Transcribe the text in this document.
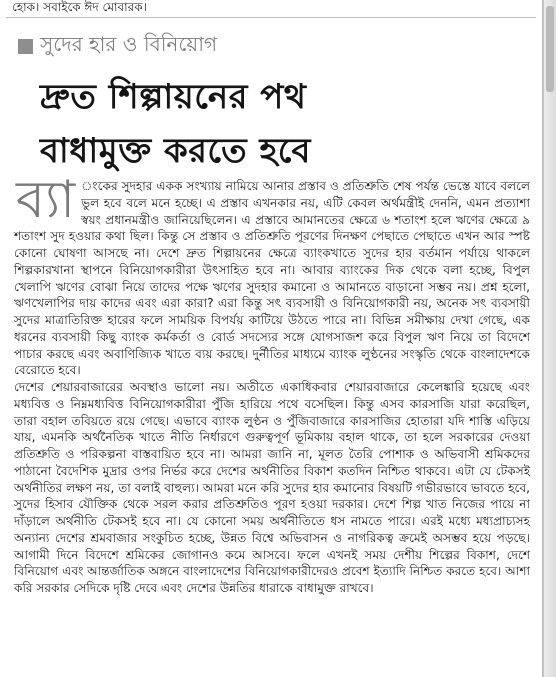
হোক। সবাইকে ঈদ মোবারক।
সুদের হার ও বিনিয়োগ
দ্রুত শিল্পায়নের পথ
বাধামুক্ত করতে হবে
ব্যা ংকের সুদহার একক সংখ্যায় নামিয়ে আনার প্রস্তাব ও প্রতিশ্রুতি শেষ পর্যন্ত ভেস্তে যাবে বললে ভুল হবে বলে মনে হচ্ছে। এ প্রস্তাব এখনকার নয়, এটি কেবল অর্থমন্ত্রীই দেননি, এমন প্রত্যাশা স্বয়ং প্রধানমন্ত্রীও জানিয়েছিলেন। এ প্রস্তাবে আমানতের ক্ষেত্রে ৬ শতাংশ হলে ঋণের ক্ষেত্রে ৯ শতাংশ সুদ হওয়ার কথা ছিল। কিন্তু সে প্রস্তাব ও প্রতিশ্রুতি পূরণের দিনক্ষণ পেছাতে পেছাতে এখন আর স্পষ্ট কোনো ঘোষণা আসছে না। দেশে দ্রুত শিল্পায়নের ক্ষেত্রে ব্যাংকখাতে সুদের হার বর্তমান পর্যায়ে থাকলে শিল্পকারখানা স্থাপনে বিনিয়োগকারীরা উৎসাহিত হবে না। আবার ব্যাংকের দিক থেকে বলা হচ্ছে, বিপুল খেলাপি ঋণের বোঝা নিয়ে তাদের পক্ষে ঋণের সুদহার কমানো ও আমানতে বাড়ানো সম্ভব নয়। প্রশ্ন হলো, ঋণখেলাপির দায় কাদের এবং এরা কারা? এরা কিন্তু সৎ ব্যবসায়ী ও বিনিয়োগকারী নয়, অনেক সৎ ব্যবসায়ী সুদের মাত্রাতিরিক্ত হারের ফলে সাময়িক বিপর্যয় কাটিয়ে উঠতে পারে না। বিভিন্ন সমীক্ষায় দেখা গেছে, এক ধরনের ব্যবসায়ী কিছু ব্যাংক কর্মকর্তা ও বোর্ড সদস্যের সঙ্গে যোগসাজশ করে বিপুল ঋণ নিয়ে তা বিদেশে পাচার করছে এবং অবাণিজ্যিক খাতে ব্যয় করছে। দুর্নীতির মাধ্যমে ব্যাংক লুণ্ঠনের সংস্কৃতি থেকে বাংলাদেশকে বেরোতে হবে।

দেশের শেয়ারবাজারের অবস্থাও ভালো নয়। অতীতে একাধিকবার শেয়ারবাজারে কেলেঙ্কারি হয়েছে এবং মধ্যবিত্ত ও নিম্নমধ্যবিত্ত বিনিয়োগকারীরা পুঁজি হারিয়ে পথে বসেছিল। কিন্তু এসব কারসাজি যারা করেছিল, তারা বহাল তবিয়তে রয়ে গেছে। এভাবে ব্যাংক লুণ্ঠন ও পুঁজিবাজারে কারসাজির হোতারা যদি শাস্তি এড়িয়ে যায়, এমনকি অর্থনৈতিক খাতে নীতি নির্ধারণে গুরুত্বপূর্ণ ভূমিকায় বহাল থাকে, তা হলে সরকারের দেওয়া প্রতিশ্রুতি ও পরিকল্পনা বাস্তবায়িত হবে না। আমরা জানি না, মূলত তৈরি পোশাক ও অভিবাসী শ্রমিকদের পাঠানো বৈদেশিক মুদ্রার ওপর নির্ভর করে দেশের অর্থনীতির বিকাশ কতদিন নিশ্চিত থাকবে। এটা যে টেকসই অর্থনীতির লক্ষণ নয়, তা বলাই বাহুল্য। আমরা মনে করি সুদের হার কমানোর বিষয়টি গভীরভাবে ভাবতে হবে, সুদের হিসাব যৌক্তিক থেকে সরল করার প্রতিশ্রুতিও পূরণ হওয়া দরকার। দেশে শিল্প খাত নিজের পায়ে না দাঁড়ালে অর্থনীতি টেকসই হবে না। যে কোনো সময় অর্থনীতিতে ধস নামতে পারে। এরই মধ্যে মধ্যপ্রাচ্যসহ অন্যান্য দেশের শ্রমবাজার সংকুচিত হচ্ছে, উন্নত বিশ্বে অভিবাসন ও নাগরিকত্ব ক্রমেই অসম্ভব হয়ে পড়ছে। আগামী দিনে বিদেশে শ্রমিকের জোগানও কমে আসবে। ফলে এখনই সময় দেশীয় শিল্পের বিকাশ, দেশে বিনিয়োগ এবং আন্তর্জাতিক অঙ্গনে বাংলাদেশের বিনিয়োগকারীদেরও প্রবেশ ইত্যাদি নিশ্চিত করতে হবে। আশা করি সরকার সেদিকে দৃষ্টি দেবে এবং দেশের উন্নতির ধারাকে বাধামুক্ত রাখবে।
